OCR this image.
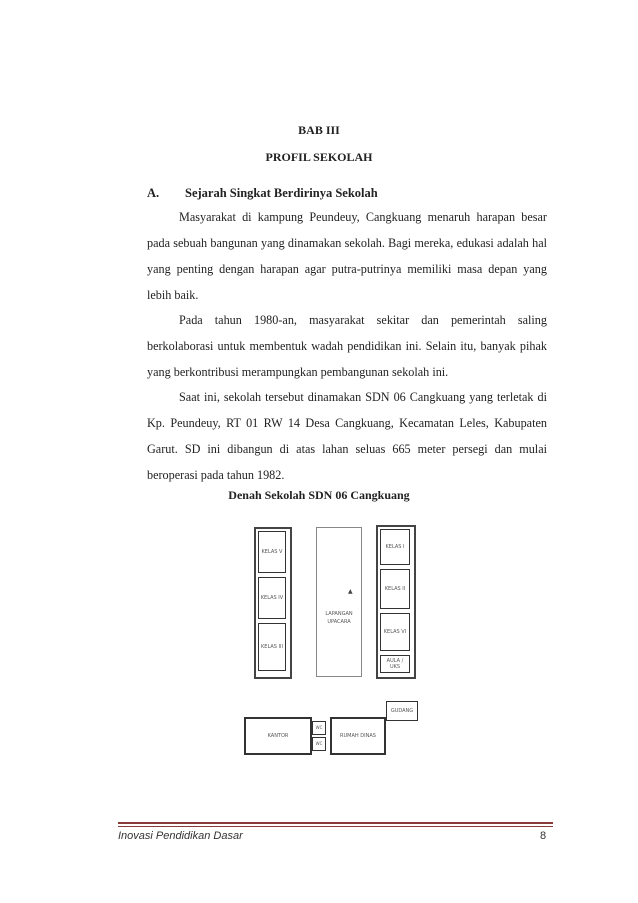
BAB III
PROFIL SEKOLAH
A. Sejarah Singkat Berdirinya Sekolah
Masyarakat di kampung Peundeuy, Cangkuang menaruh harapan besar pada sebuah bangunan yang dinamakan sekolah. Bagi mereka, edukasi adalah hal yang penting dengan harapan agar putra-putrinya memiliki masa depan yang lebih baik.
Pada tahun 1980-an, masyarakat sekitar dan pemerintah saling berkolaborasi untuk membentuk wadah pendidikan ini. Selain itu, banyak pihak yang berkontribusi merampungkan pembangunan sekolah ini.
Saat ini, sekolah tersebut dinamakan SDN 06 Cangkuang yang terletak di Kp. Peundeuy, RT 01 RW 14 Desa Cangkuang, Kecamatan Leles, Kabupaten Garut. SD ini dibangun di atas lahan seluas 665 meter persegi dan mulai beroperasi pada tahun 1982.
Denah Sekolah SDN 06 Cangkuang
KELAS V
KELAS IV
KELAS III
LAPANGAN UPACARA
▲
KELAS I
KELAS II
KELAS VI
AULA / UKS
GUDANG
KANTOR
WC
WC
RUMAH DINAS
Inovasi Pendidikan Dasar	8
